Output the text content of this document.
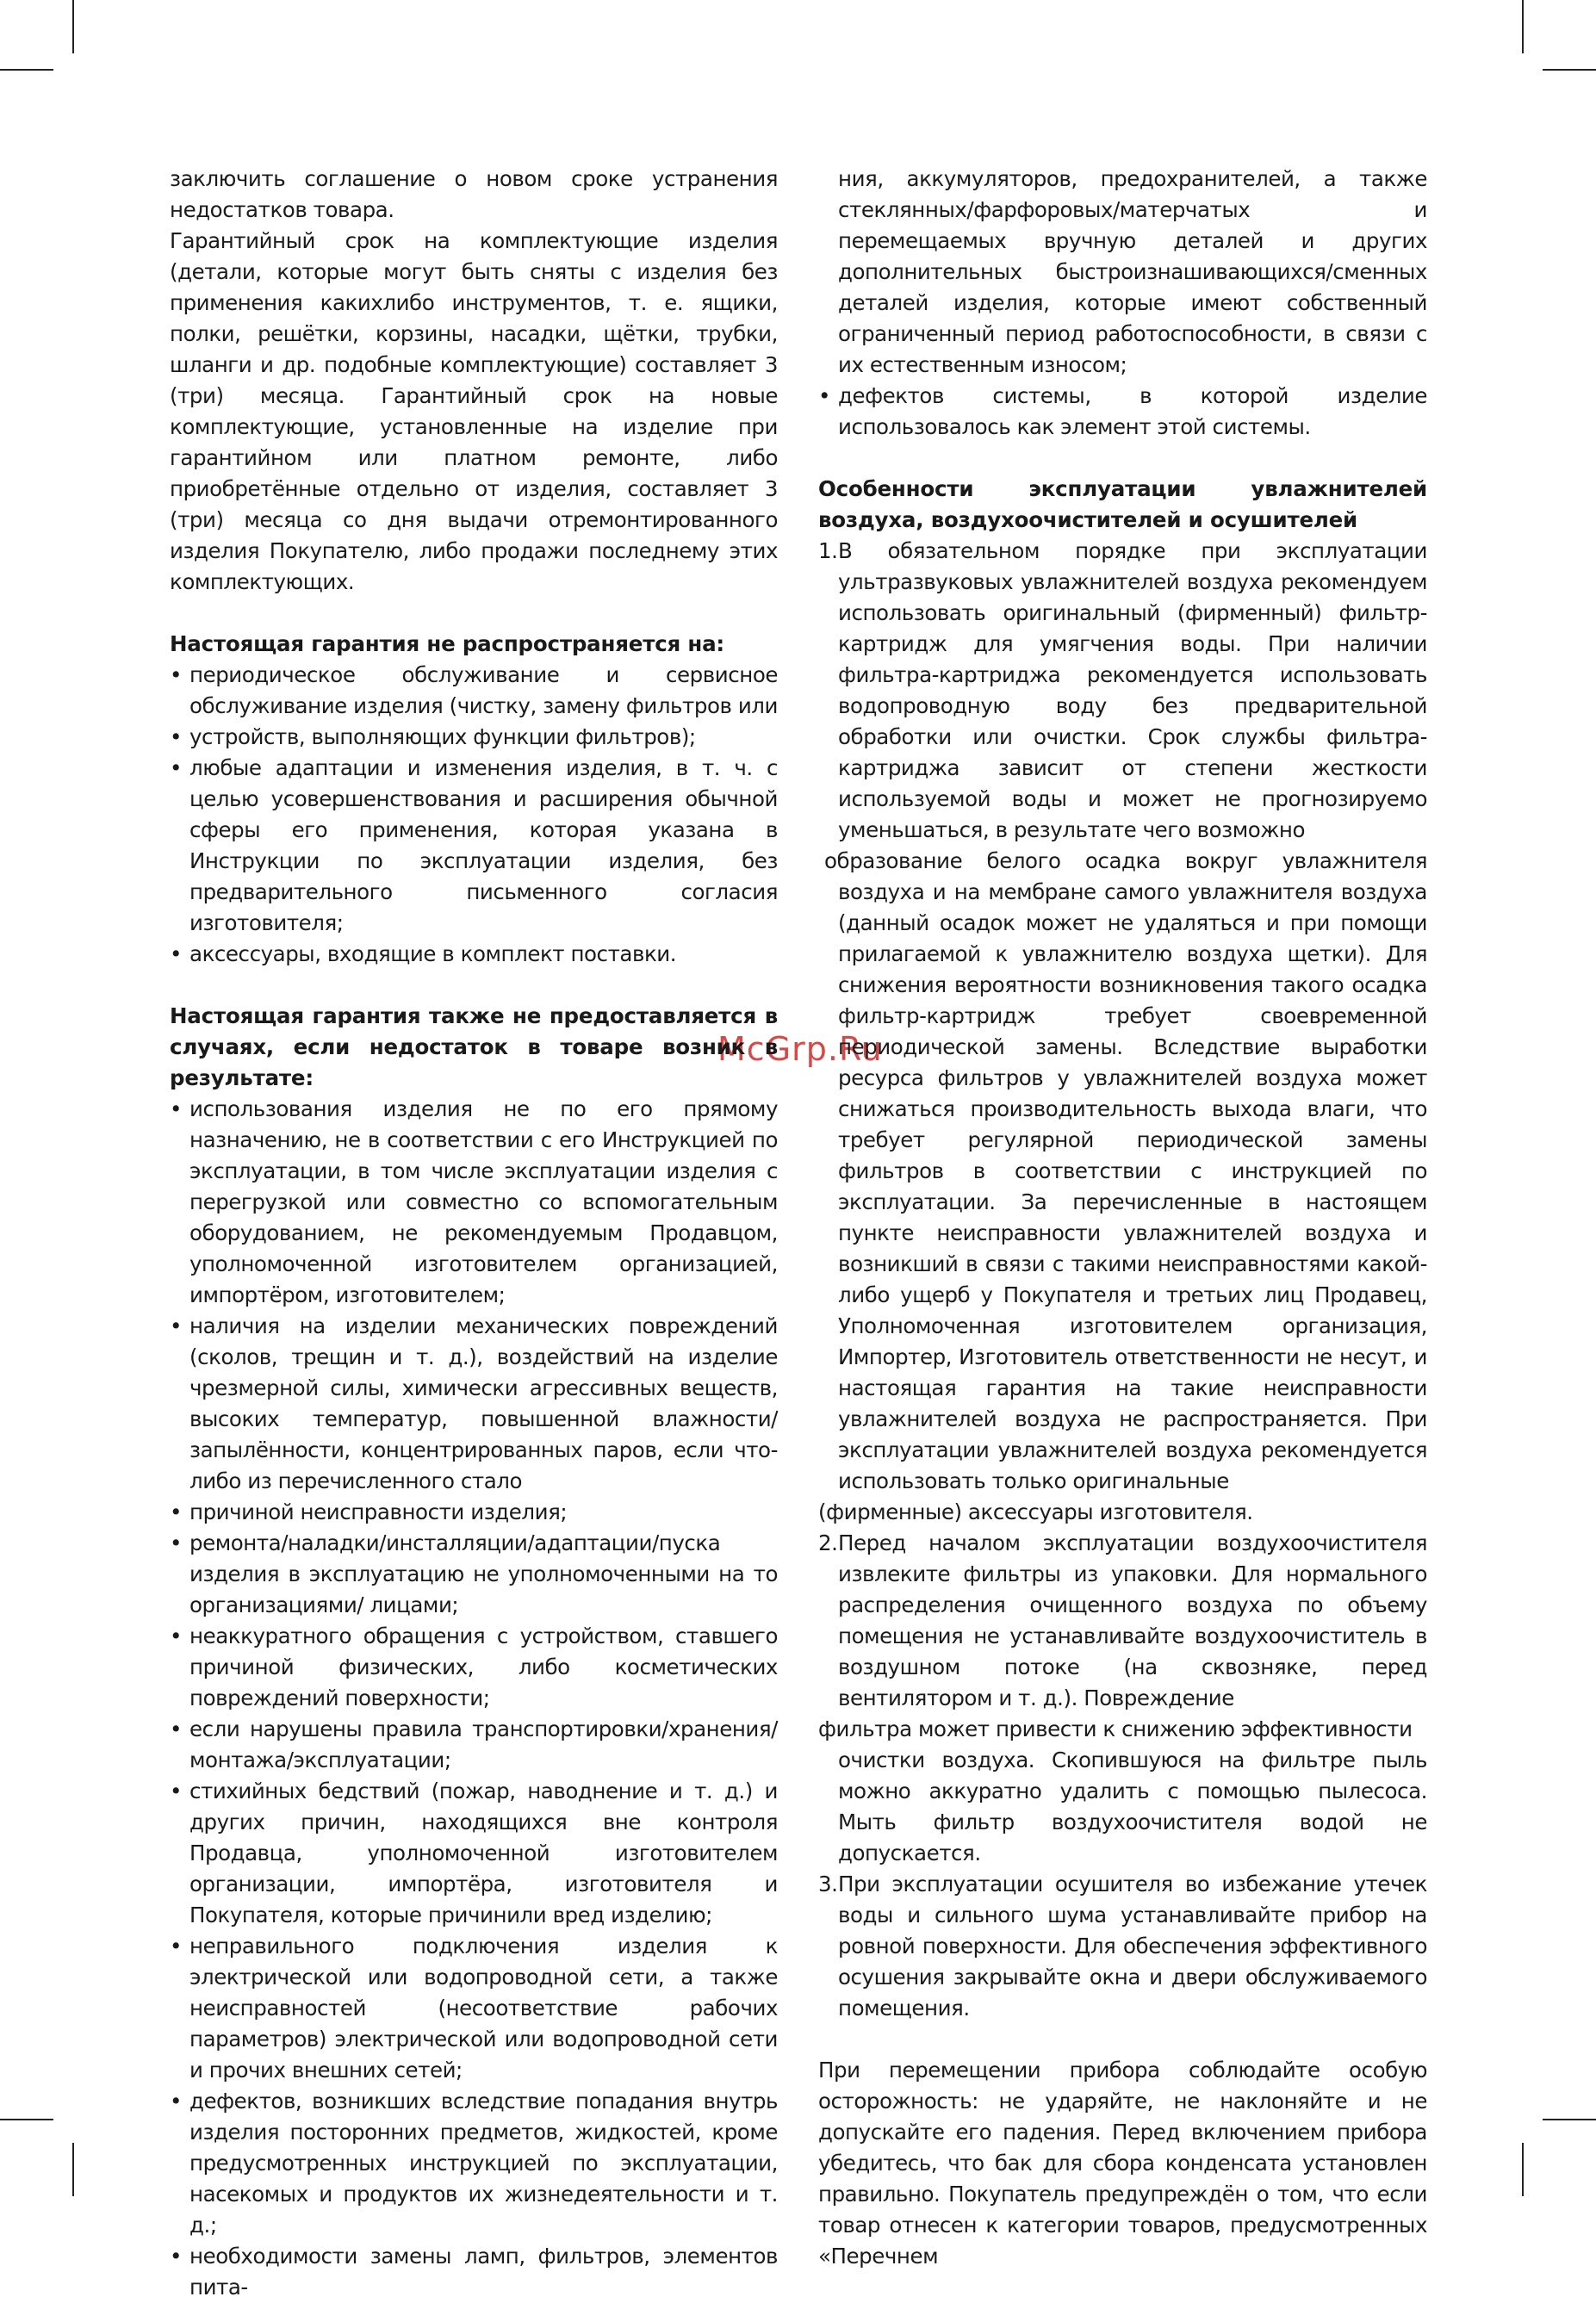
McGrp.Ru

заключить соглашение о новом сроке устранения недостатков товара.

Гарантийный срок на комплектующие изделия (детали, которые могут быть сняты с изделия без применения какихлибо инструментов, т. е. ящики, полки, решётки, корзины, насадки, щётки, трубки, шланги и др. подобные комплектующие) составляет 3 (три) месяца. Гарантийный срок на новые комплектующие, установленные на изделие при гарантийном или платном ремонте, либо приобретённые отдельно от изделия, составляет 3 (три) месяца со дня выдачи отремонтированного изделия Покупателю, либо продажи последнему этих комплектующих.

Настоящая гарантия не распространяется на:
• периодическое обслуживание и сервисное обслуживание изделия (чистку, замену фильтров или
• устройств, выполняющих функции фильтров);
• любые адаптации и изменения изделия, в т. ч. с целью усовершенствования и расширения обычной сферы его применения, которая указана в Инструкции по эксплуатации изделия, без предварительного письменного согласия изготовителя;
• аксессуары, входящие в комплект поставки.
Настоящая гарантия также не предоставляется в случаях, если недостаток в товаре возник в результате:
• использования изделия не по его прямому назначению, не в соответствии с его Инструкцией по эксплуатации, в том числе эксплуатации изделия с перегрузкой или совместно со вспомогательным оборудованием, не рекомендуемым Продавцом, уполномоченной изготовителем организацией, импортёром, изготовителем;
• наличия на изделии механических повреждений (сколов, трещин и т. д.), воздействий на изделие чрезмерной силы, химически агрессивных веществ, высоких температур, повышенной влажности/запылённости, концентрированных паров, если что-либо из перечисленного стало
• причиной неисправности изделия;
• ремонта/наладки/инсталляции/адаптации/пуска изделия в эксплуатацию не уполномоченными на то организациями/ лицами;
• неаккуратного обращения с устройством, ставшего причиной физических, либо косметических повреждений поверхности;
• если нарушены правила транспортировки/хранения/ монтажа/эксплуатации;
• стихийных бедствий (пожар, наводнение и т. д.) и других причин, находящихся вне контроля Продавца, уполномоченной изготовителем организации, импортёра, изготовителя и Покупателя, которые причинили вред изделию;
• неправильного подключения изделия к электрической или водопроводной сети, а также неисправностей (несоответствие рабочих параметров) электрической или водопроводной сети и прочих внешних сетей;
• дефектов, возникших вследствие попадания внутрь изделия посторонних предметов, жидкостей, кроме предусмотренных инструкцией по эксплуатации, насекомых и продуктов их жизнедеятельности и т. д.;
• необходимости замены ламп, фильтров, элементов пита-

ния, аккумуляторов, предохранителей, а также стеклянных/фарфоровых/матерчатых и перемещаемых вручную деталей и других дополнительных быстроизнашивающихся/сменных деталей изделия, которые имеют собственный ограниченный период работоспособности, в связи с их естественным износом;

• дефектов системы, в которой изделие использовалось как элемент этой системы.
Особенности эксплуатации увлажнителей воздуха, воздухоочистителей и осушителей
1. В обязательном порядке при эксплуатации ультразвуковых увлажнителей воздуха рекомендуем использовать оригинальный (фирменный) фильтр-картридж для умягчения воды. При наличии фильтра-картриджа рекомендуется использовать водопроводную воду без предварительной обработки или очистки. Срок службы фильтра-картриджа зависит от степени жесткости используемой воды и может не прогнозируемо уменьшаться, в результате чего возможно

образование белого осадка вокруг увлажнителя воздуха и на мембране самого увлажнителя воздуха (данный осадок может не удаляться и при помощи прилагаемой к увлажнителю воздуха щетки). Для снижения вероятности возникновения такого осадка фильтр-картридж требует своевременной периодической замены. Вследствие выработки ресурса фильтров у увлажнителей воздуха может снижаться производительность выхода влаги, что требует регулярной периодической замены фильтров в соответствии с инструкцией по эксплуатации. За перечисленные в настоящем пункте неисправности увлажнителей воздуха и возникший в связи с такими неисправностями какой-либо ущерб у Покупателя и третьих лиц Продавец, Уполномоченная изготовителем организация, Импортер, Изготовитель ответственности не несут, и настоящая гарантия на такие неисправности увлажнителей воздуха не распространяется. При эксплуатации увлажнителей воздуха рекомендуется использовать только оригинальные

(фирменные) аксессуары изготовителя.

2. Перед началом эксплуатации воздухоочистителя извлеките фильтры из упаковки. Для нормального распределения очищенного воздуха по объему помещения не устанавливайте воздухоочиститель в воздушном потоке (на сквозняке, перед вентилятором и т. д.). Повреждение

фильтра может привести к снижению эффективности

очистки воздуха. Скопившуюся на фильтре пыль можно аккуратно удалить с помощью пылесоса. Мыть фильтр воздухоочистителя водой не допускается.

3. При эксплуатации осушителя во избежание утечек воды и сильного шума устанавливайте прибор на ровной поверхности. Для обеспечения эффективного осушения закрывайте окна и двери обслуживаемого помещения.

При перемещении прибора соблюдайте особую осторожность: не ударяйте, не наклоняйте и не допускайте его падения. Перед включением прибора убедитесь, что бак для сбора конденсата установлен правильно. Покупатель предупреждён о том, что если товар отнесен к категории товаров, предусмотренных «Перечнем
